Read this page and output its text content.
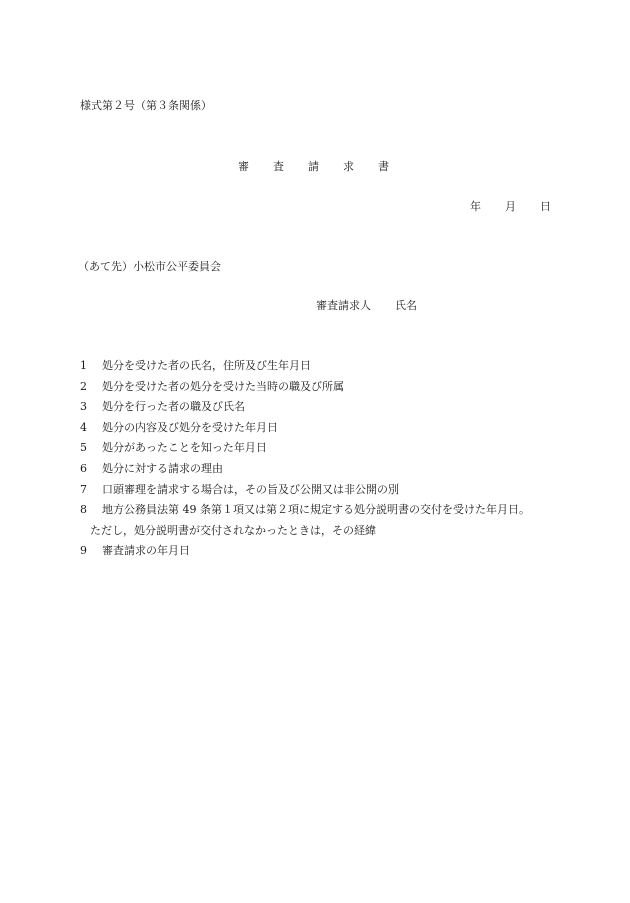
様式第２号（第３条関係）
審 査 請 求 書
年 月 日
（あて先）小松市公平委員会
審査請求人 氏名
1 処分を受けた者の氏名，住所及び生年月日
2 処分を受けた者の処分を受けた当時の職及び所属
3 処分を行った者の職及び氏名
4 処分の内容及び処分を受けた年月日
5 処分があったことを知った年月日
6 処分に対する請求の理由
7 口頭審理を請求する場合は，その旨及び公開又は非公開の別
8 地方公務員法第 49 条第１項又は第２項に規定する処分説明書の交付を受けた年月日。
ただし，処分説明書が交付されなかったときは，その経緯
9 審査請求の年月日
